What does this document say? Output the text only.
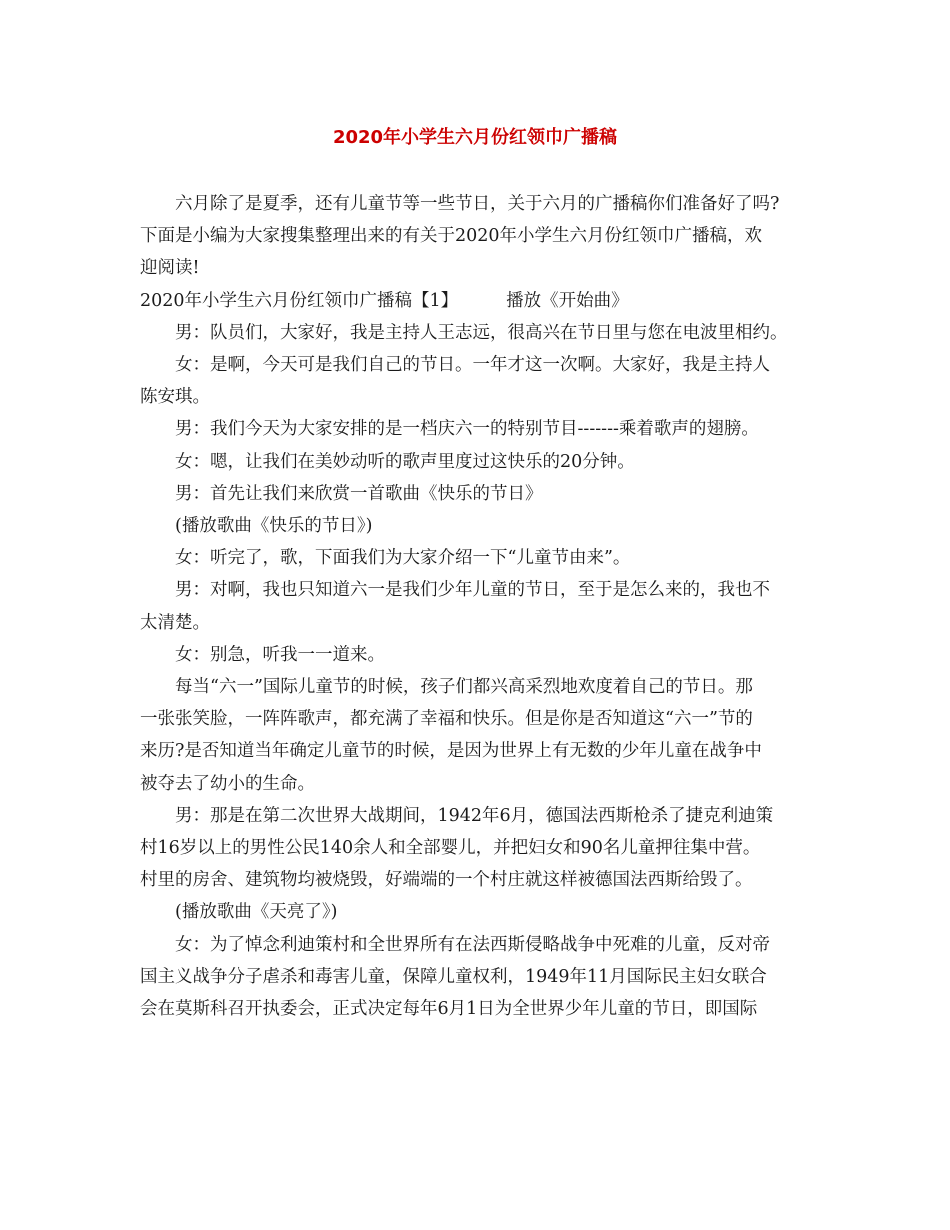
2020年小学生六月份红领巾广播稿

六月除了是夏季，还有儿童节等一些节日，关于六月的广播稿你们准备好了吗?

下面是小编为大家搜集整理出来的有关于2020年小学生六月份红领巾广播稿，欢

迎阅读!

2020年小学生六月份红领巾广播稿【1】	播放《开始曲》

男：队员们，大家好，我是主持人王志远，很高兴在节日里与您在电波里相约。

女：是啊，今天可是我们自己的节日。一年才这一次啊。大家好，我是主持人

陈安琪。

男：我们今天为大家安排的是一档庆六一的特别节目-------乘着歌声的翅膀。

女：嗯，让我们在美妙动听的歌声里度过这快乐的20分钟。

男：首先让我们来欣赏一首歌曲《快乐的节日》

(播放歌曲《快乐的节日》)

女：听完了，歌，下面我们为大家介绍一下“儿童节由来”。

男：对啊，我也只知道六一是我们少年儿童的节日，至于是怎么来的，我也不

太清楚。

女：别急，听我一一道来。

每当“六一”国际儿童节的时候，孩子们都兴高采烈地欢度着自己的节日。那

一张张笑脸，一阵阵歌声，都充满了幸福和快乐。但是你是否知道这“六一”节的

来历?是否知道当年确定儿童节的时候，是因为世界上有无数的少年儿童在战争中

被夺去了幼小的生命。

男：那是在第二次世界大战期间，1942年6月，德国法西斯枪杀了捷克利迪策

村16岁以上的男性公民140余人和全部婴儿，并把妇女和90名儿童押往集中营。

村里的房舍、建筑物均被烧毁，好端端的一个村庄就这样被德国法西斯给毁了。

(播放歌曲《天亮了》)

女：为了悼念利迪策村和全世界所有在法西斯侵略战争中死难的儿童，反对帝

国主义战争分子虐杀和毒害儿童，保障儿童权利，1949年11月国际民主妇女联合

会在莫斯科召开执委会，正式决定每年6月1日为全世界少年儿童的节日，即国际
